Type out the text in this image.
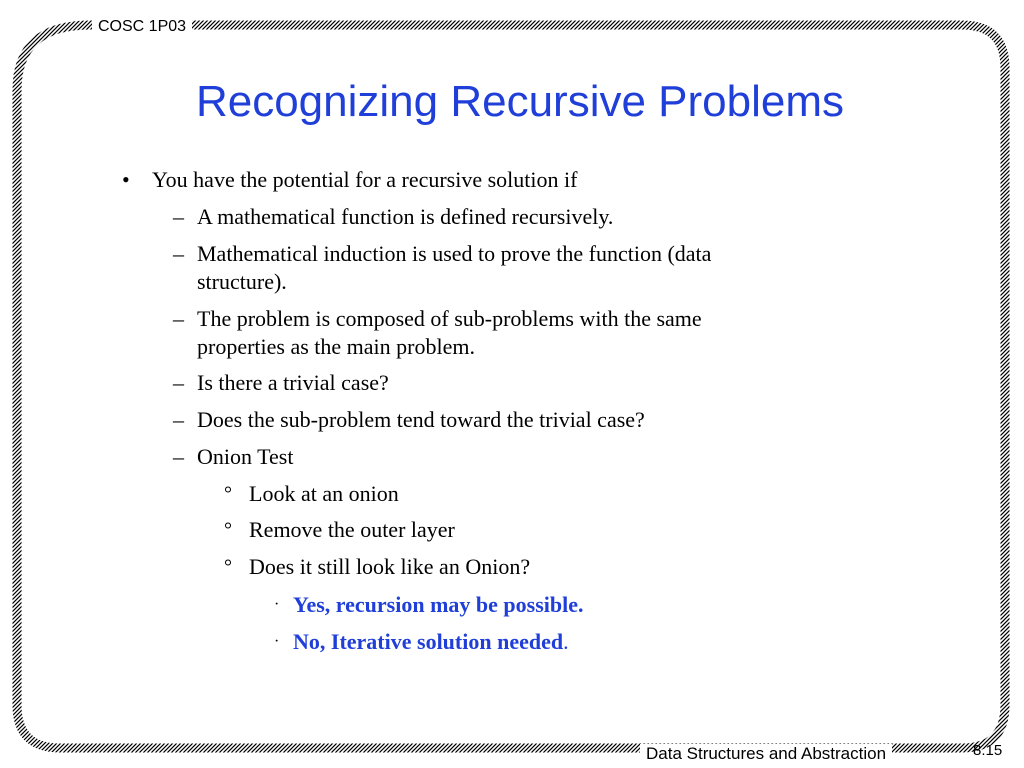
COSC 1P03
Recognizing Recursive Problems
• You have the potential for a recursive solution if
– A mathematical function is defined recursively.
– Mathematical induction is used to prove the function (data
structure).
– The problem is composed of sub-problems with the same
properties as the main problem.
– Is there a trivial case?
– Does the sub-problem tend toward the trivial case?
– Onion Test
° Look at an onion
° Remove the outer layer
° Does it still look like an Onion?
· Yes, recursion may be possible.
· No, Iterative solution needed.
Data Structures and Abstraction	8.15
